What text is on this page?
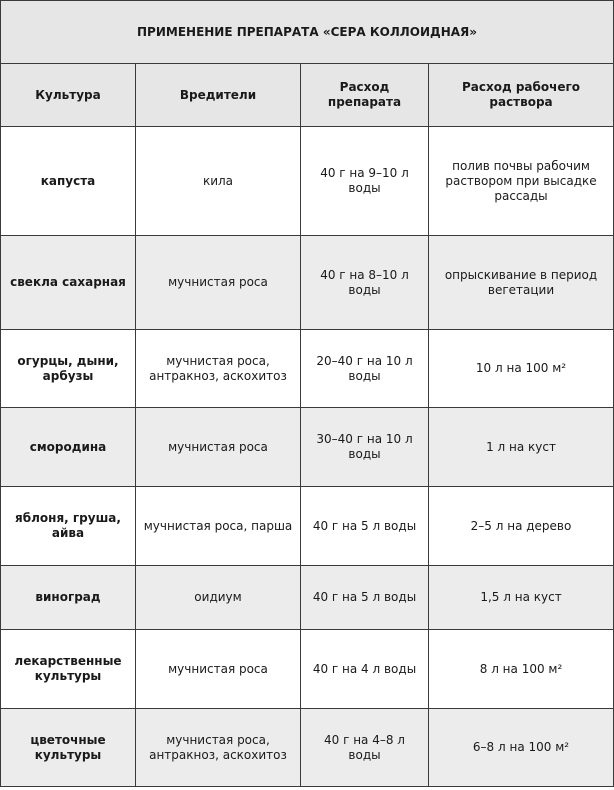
ПРИМЕНЕНИЕ ПРЕПАРАТА «СЕРА КОЛЛОИДНАЯ»			
Культура	Вредители	Расход препарата	Расход рабочего раствора
капуста	кила	40 г на 9–10 л воды	полив почвы рабочим раствором при высадке рассады
свекла сахарная	мучнистая роса	40 г на 8–10 л воды	опрыскивание в период вегетации
огурцы, дыни, арбузы	мучнистая роса, антракноз, аскохитоз	20–40 г на 10 л воды	10 л на 100 м²
смородина	мучнистая роса	30–40 г на 10 л воды	1 л на куст
яблоня, груша, айва	мучнистая роса, парша	40 г на 5 л воды	2–5 л на дерево
виноград	оидиум	40 г на 5 л воды	1,5 л на куст
лекарственные культуры	мучнистая роса	40 г на 4 л воды	8 л на 100 м²
цветочные культуры	мучнистая роса, антракноз, аскохитоз	40 г на 4–8 л воды	6–8 л на 100 м²
